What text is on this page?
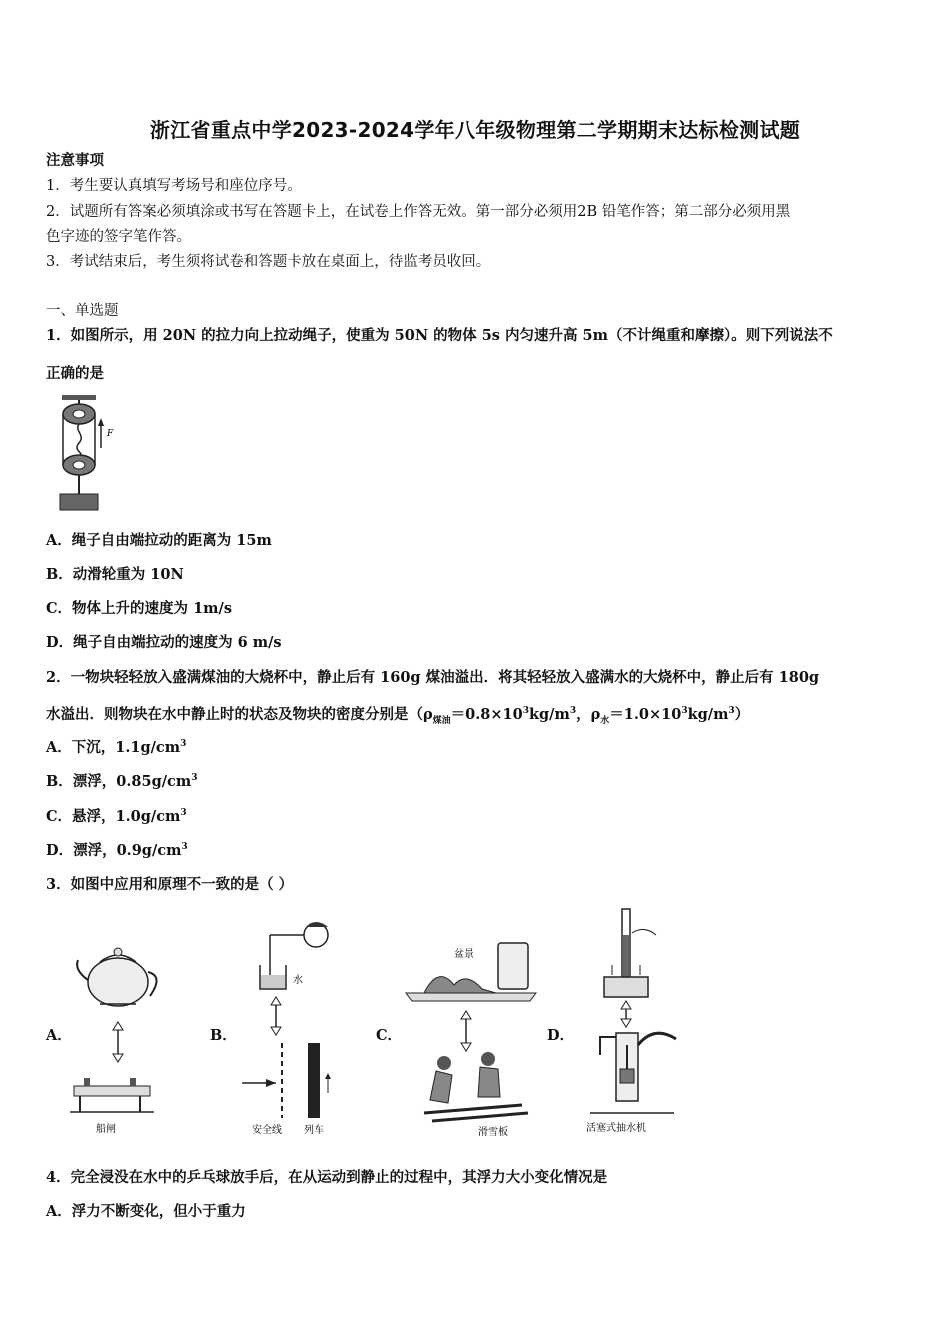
浙江省重点中学2023-2024学年八年级物理第二学期期末达标检测试题
注意事项
1．考生要认真填写考场号和座位序号。
2．试题所有答案必须填涂或书写在答题卡上，在试卷上作答无效。第一部分必须用2B 铅笔作答；第二部分必须用黑
色字迹的签字笔作答。
3．考试结束后，考生须将试卷和答题卡放在桌面上，待监考员收回。
一、单选题
1．如图所示，用 20N 的拉力向上拉动绳子，使重为 50N 的物体 5s 内匀速升高 5m（不计绳重和摩擦）。则下列说法不
正确的是
F
A．绳子自由端拉动的距离为 15m
B．动滑轮重为 10N
C．物体上升的速度为 1m/s
D．绳子自由端拉动的速度为 6 m/s
2．一物块轻轻放入盛满煤油的大烧杯中，静止后有 160g 煤油溢出．将其轻轻放入盛满水的大烧杯中，静止后有 180g
水溢出．则物块在水中静止时的状态及物块的密度分别是（$\rho_{煤油}=0.8\times 10^3kg/m^3$，$\rho_水=1.0\times 10^3kg/m^3$）
A．下沉，$1.1g/cm^3$
B．漂浮，$0.85g/cm^3$
C．悬浮，$1.0g/cm^3$
D．漂浮，$0.9g/cm^3$
3．如图中应用和原理不一致的是（ ）
A．	B．	C．	D．
船闸
水
安全线 列车
盆景
滑雪板	活塞式抽水机
4．完全浸没在水中的乒乓球放手后，在从运动到静止的过程中，其浮力大小变化情况是
A．浮力不断变化，但小于重力
